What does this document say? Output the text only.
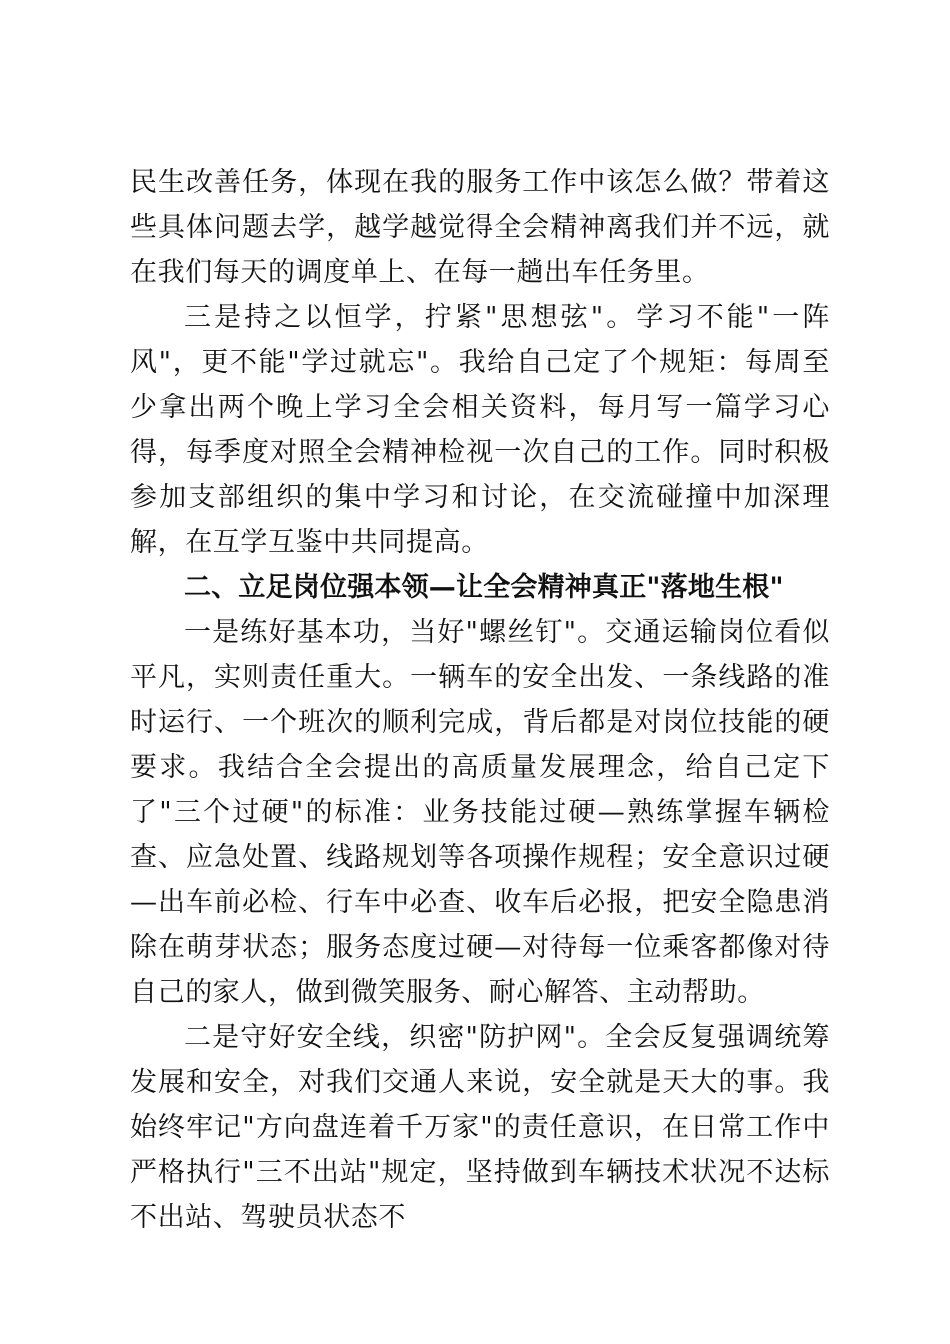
民生改善任务，体现在我的服务工作中该怎么做？带着这些具体问题去学，越学越觉得全会精神离我们并不远，就在我们每天的调度单上、在每一趟出车任务里。

三是持之以恒学，拧紧"思想弦"。学习不能"一阵风"，更不能"学过就忘"。我给自己定了个规矩：每周至少拿出两个晚上学习全会相关资料，每月写一篇学习心得，每季度对照全会精神检视一次自己的工作。同时积极参加支部组织的集中学习和讨论，在交流碰撞中加深理解，在互学互鉴中共同提高。

二、立足岗位强本领—让全会精神真正"落地生根"

一是练好基本功，当好"螺丝钉"。交通运输岗位看似平凡，实则责任重大。一辆车的安全出发、一条线路的准时运行、一个班次的顺利完成，背后都是对岗位技能的硬要求。我结合全会提出的高质量发展理念，给自己定下了"三个过硬"的标准：业务技能过硬—熟练掌握车辆检查、应急处置、线路规划等各项操作规程；安全意识过硬—出车前必检、行车中必查、收车后必报，把安全隐患消除在萌芽状态；服务态度过硬—对待每一位乘客都像对待自己的家人，做到微笑服务、耐心解答、主动帮助。

二是守好安全线，织密"防护网"。全会反复强调统筹发展和安全，对我们交通人来说，安全就是天大的事。我始终牢记"方向盘连着千万家"的责任意识，在日常工作中严格执行"三不出站"规定，坚持做到车辆技术状况不达标不出站、驾驶员状态不
